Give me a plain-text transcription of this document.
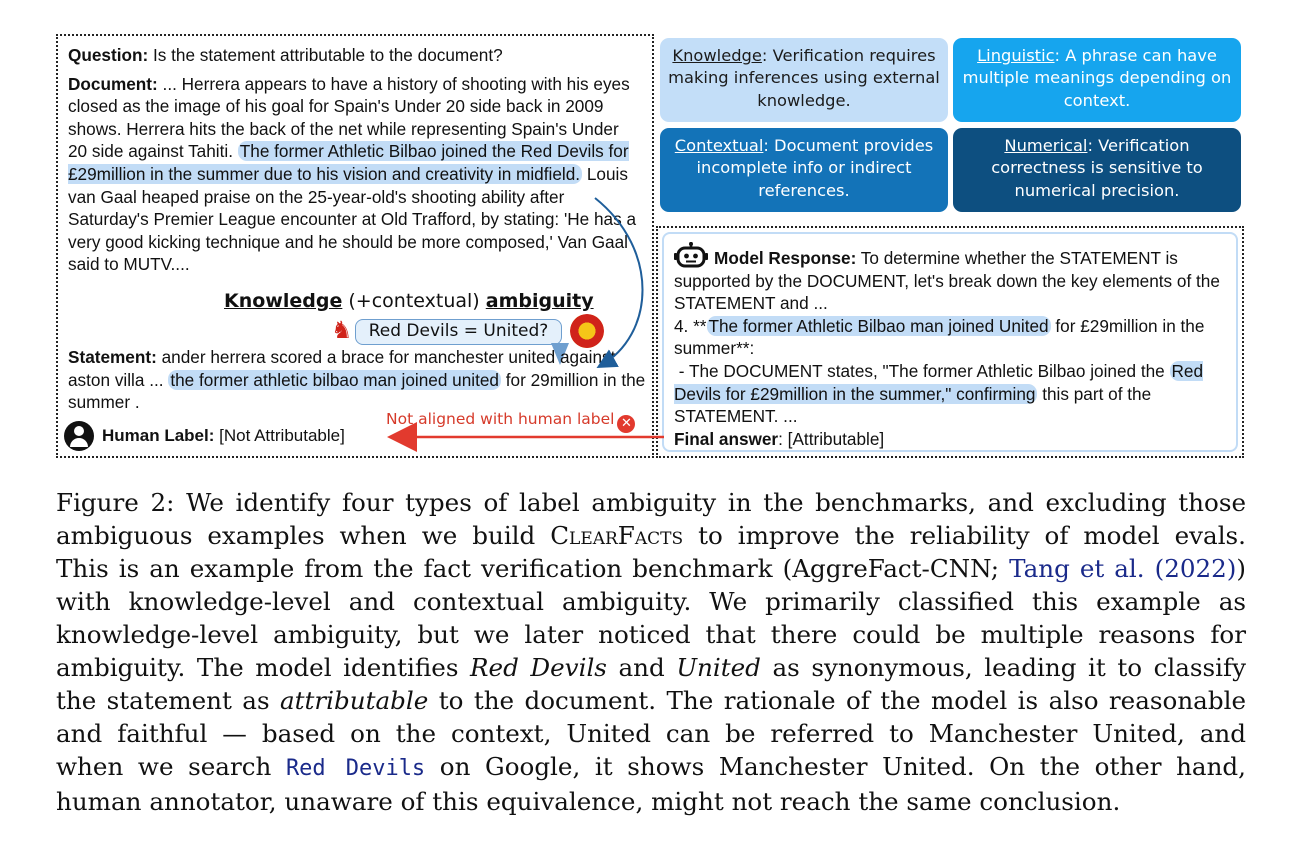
Question: Is the statement attributable to the document?

Document: ... Herrera appears to have a history of shooting with his eyes closed as the image of his goal for Spain's Under 20 side back in 2009 shows. Herrera hits the back of the net while representing Spain's Under 20 side against Tahiti. The former Athletic Bilbao joined the Red Devils for £29million in the summer due to his vision and creativity in midfield. Louis van Gaal heaped praise on the 25-year-old's shooting ability after Saturday's Premier League encounter at Old Trafford, by stating: 'He has a very good kicking technique and he should be more composed,' Van Gaal said to MUTV....

Knowledge (+contextual) ambiguity
♞ Red Devils = United?
Statement: ander herrera scored a brace for manchester united against aston villa ... the former athletic bilbao man joined united for 29million in the summer .
Human Label: [Not Attributable]
Not aligned with human label ✕
Knowledge: Verification requires making inferences using external knowledge.
Linguistic: A phrase can have multiple meanings depending on context.
Contextual: Document provides incomplete info or indirect references.
Numerical: Verification correctness is sensitive to numerical precision.

Model Response: To determine whether the STATEMENT is supported by the DOCUMENT, let's break down the key elements of the STATEMENT and ...

4. ** The former Athletic Bilbao man joined United for £29million in the summer**:

- The DOCUMENT states, "The former Athletic Bilbao joined the Red Devils for £29million in the summer," confirming this part of the STATEMENT. ...

Final answer: [Attributable]

Figure 2: We identify four types of label ambiguity in the benchmarks, and excluding those
ambiguous examples when we build ClearFacts to improve the reliability of model evals.
This is an example from the fact verification benchmark (AggreFact-CNN; Tang et al. (2022))
with knowledge-level and contextual ambiguity. We primarily classified this example as
knowledge-level ambiguity, but we later noticed that there could be multiple reasons for
ambiguity. The model identifies Red Devils and United as synonymous, leading it to classify
the statement as attributable to the document. The rationale of the model is also reasonable
and faithful — based on the context, United can be referred to Manchester United, and
when we search Red Devils on Google, it shows Manchester United. On the other hand,
human annotator, unaware of this equivalence, might not reach the same conclusion.
